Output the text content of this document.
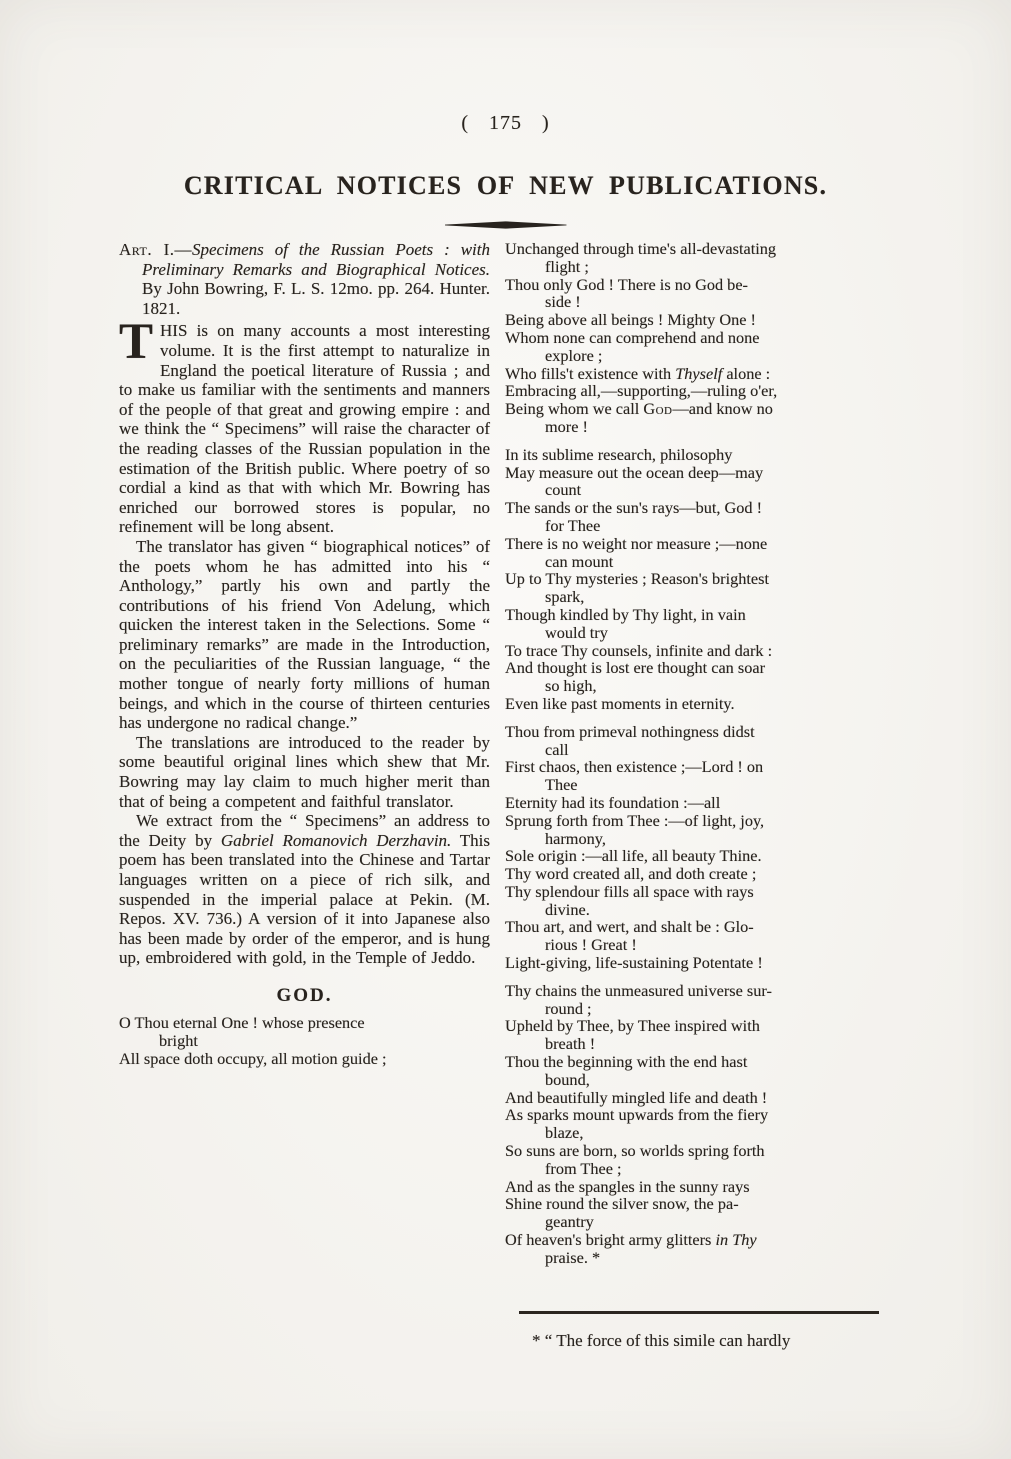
( 175 )
CRITICAL NOTICES OF NEW PUBLICATIONS.

Art. I.—Specimens of the Russian Poets : with Preliminary Remarks and Biographical Notices. By John Bowring, F. L. S. 12mo. pp. 264. Hunter. 1821.

THIS is on many accounts a most interesting volume. It is the first attempt to naturalize in England the poetical literature of Russia ; and to make us familiar with the sentiments and manners of the people of that great and growing empire : and we think the “ Specimens” will raise the character of the reading classes of the Russian population in the estimation of the British public. Where poetry of so cordial a kind as that with which Mr. Bowring has enriched our borrowed stores is popular, no refinement will be long absent.

The translator has given “ biographical notices” of the poets whom he has admitted into his “ Anthology,” partly his own and partly the contributions of his friend Von Adelung, which quicken the interest taken in the Selections. Some “ preliminary remarks” are made in the Introduction, on the peculiarities of the Russian language, “ the mother tongue of nearly forty millions of human beings, and which in the course of thirteen centuries has undergone no radical change.”

The translations are introduced to the reader by some beautiful original lines which shew that Mr. Bowring may lay claim to much higher merit than that of being a competent and faithful translator.

We extract from the “ Specimens” an address to the Deity by Gabriel Romanovich Derzhavin. This poem has been translated into the Chinese and Tartar languages written on a piece of rich silk, and suspended in the imperial palace at Pekin. (M. Repos. XV. 736.) A version of it into Japanese also has been made by order of the emperor, and is hung up, embroidered with gold, in the Temple of Jeddo.

GOD.
O Thou eternal One ! whose presence
bright
All space doth occupy, all motion guide ;
Unchanged through time's all-devastating
flight ;
Thou only God ! There is no God be-
side !
Being above all beings ! Mighty One !
Whom none can comprehend and none
explore ;
Who fills't existence with Thyself alone :
Embracing all,—supporting,—ruling o'er,
Being whom we call God—and know no
more !
In its sublime research, philosophy
May measure out the ocean deep—may
count
The sands or the sun's rays—but, God !
for Thee
There is no weight nor measure ;—none
can mount
Up to Thy mysteries ; Reason's brightest
spark,
Though kindled by Thy light, in vain
would try
To trace Thy counsels, infinite and dark :
And thought is lost ere thought can soar
so high,
Even like past moments in eternity.
Thou from primeval nothingness didst
call
First chaos, then existence ;—Lord ! on
Thee
Eternity had its foundation :—all
Sprung forth from Thee :—of light, joy,
harmony,
Sole origin :—all life, all beauty Thine.
Thy word created all, and doth create ;
Thy splendour fills all space with rays
divine.
Thou art, and wert, and shalt be : Glo-
rious ! Great !
Light-giving, life-sustaining Potentate !
Thy chains the unmeasured universe sur-
round ;
Upheld by Thee, by Thee inspired with
breath !
Thou the beginning with the end hast
bound,
And beautifully mingled life and death !
As sparks mount upwards from the fiery
blaze,
So suns are born, so worlds spring forth
from Thee ;
And as the spangles in the sunny rays
Shine round the silver snow, the pa-
geantry
Of heaven's bright army glitters in Thy
praise. *

* “ The force of this simile can hardly
